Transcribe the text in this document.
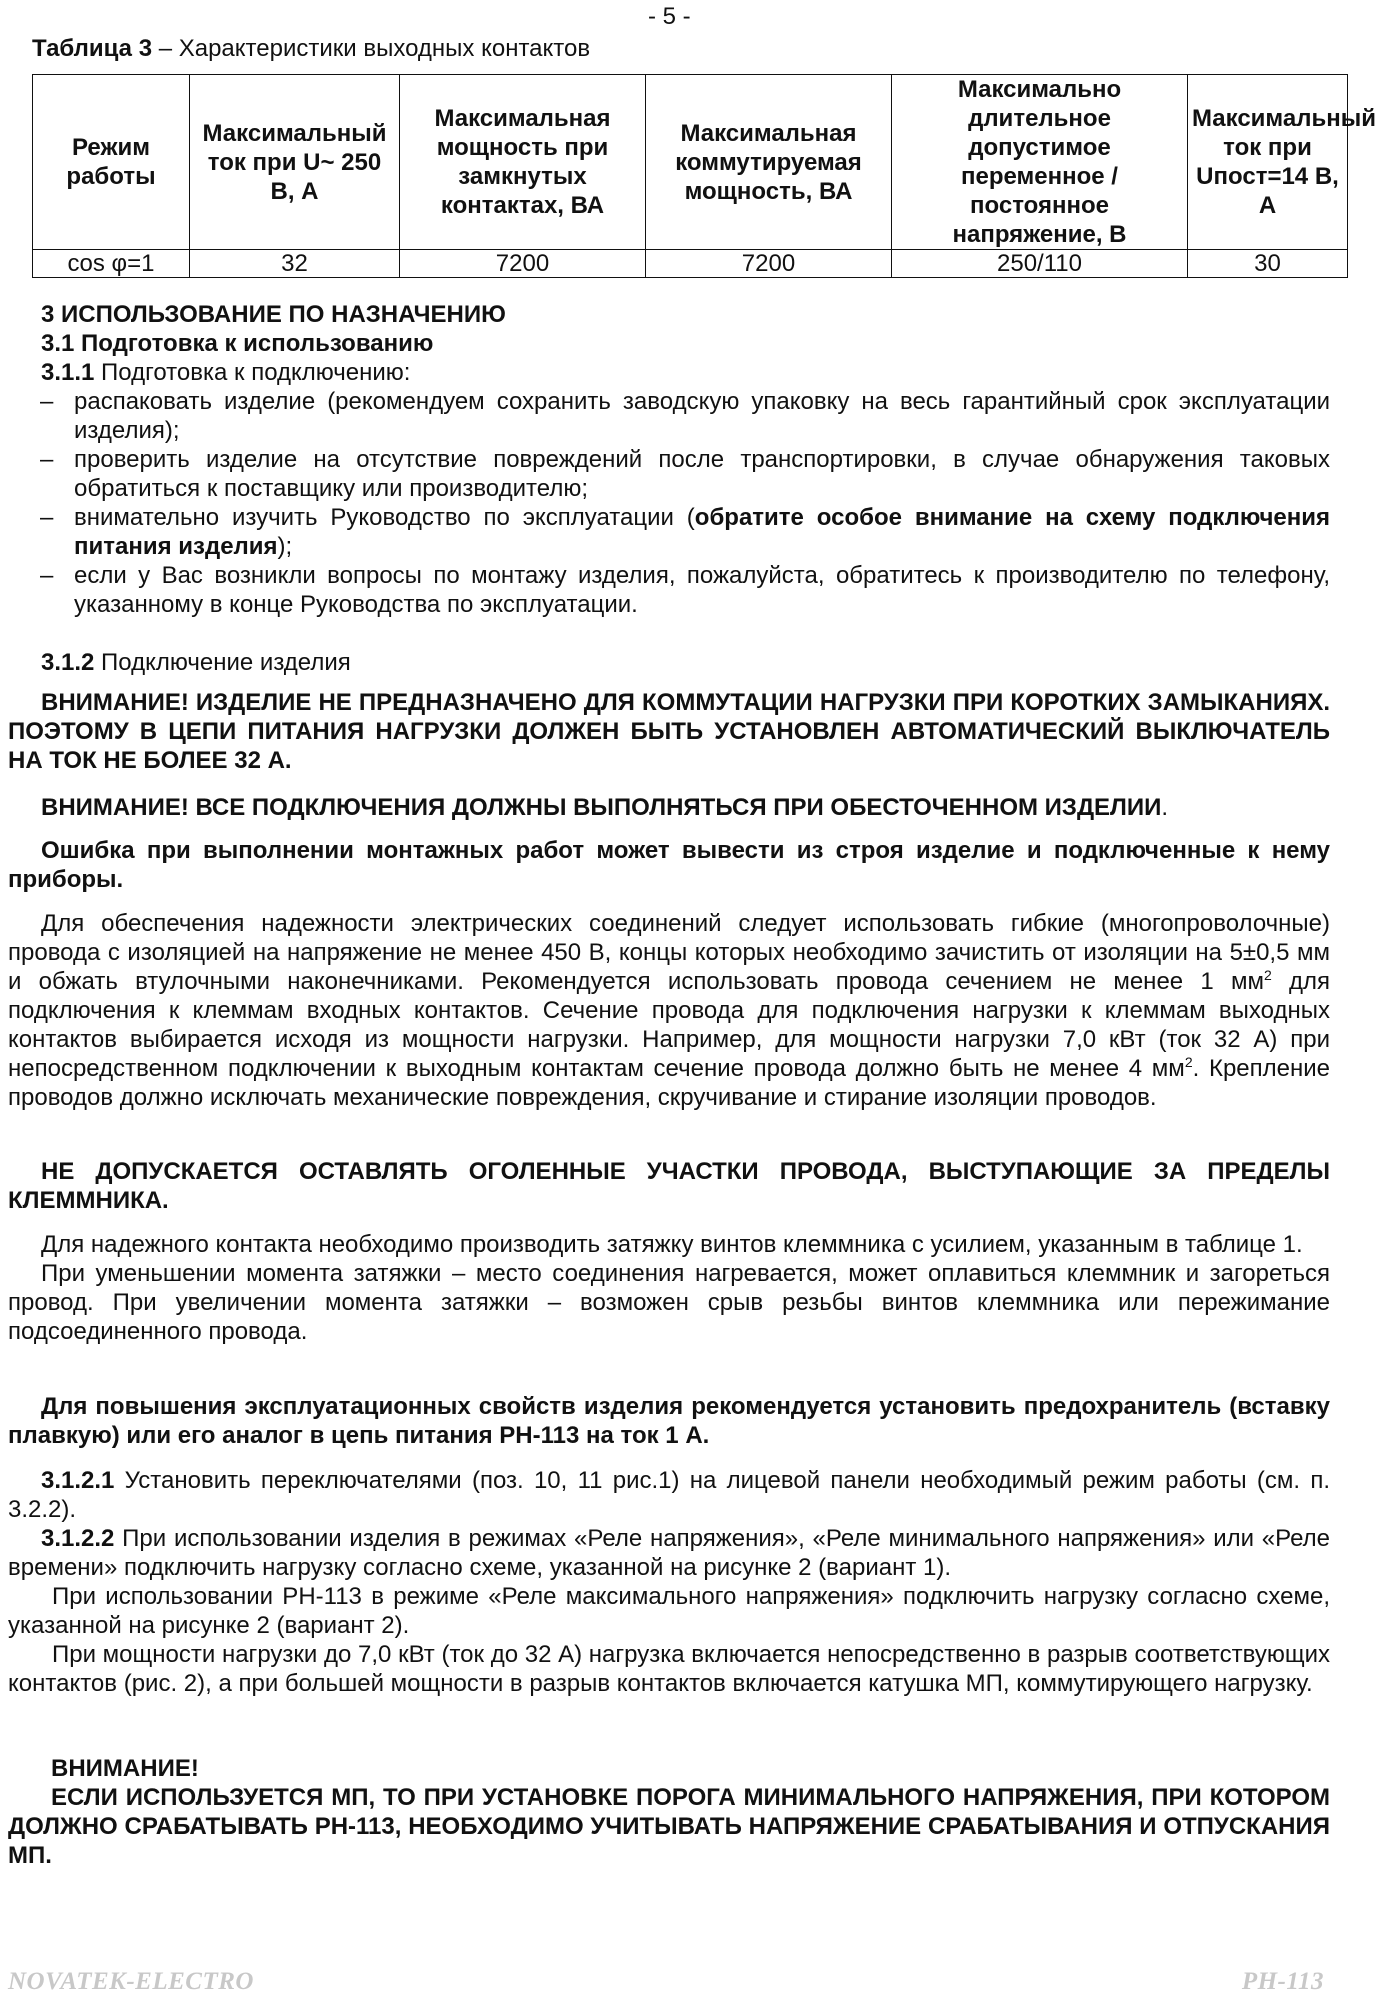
- 5 -
Таблица 3 – Характеристики выходных контактов
Режим работы	Максимальный ток при U~ 250 В, А	Максимальная мощность при замкнутых контактах, ВА	Максимальная коммутируемая мощность, ВА	Максимально длительное допустимое переменное / постоянное напряжение, В	Максимальный ток при Uпост=14 В, А
cos φ=1	32	7200	7200	250/110	30

3 ИСПОЛЬЗОВАНИЕ ПО НАЗНАЧЕНИЮ

3.1 Подготовка к использованию

3.1.1 Подготовка к подключению:

– распаковать изделие (рекомендуем сохранить заводскую упаковку на весь гарантийный срок эксплуатации изделия);
– проверить изделие на отсутствие повреждений после транспортировки, в случае обнаружения таковых обратиться к поставщику или производителю;
– внимательно изучить Руководство по эксплуатации (обратите особое внимание на схему подключения питания изделия);
– если у Вас возникли вопросы по монтажу изделия, пожалуйста, обратитесь к производителю по телефону, указанному в конце Руководства по эксплуатации.

3.1.2 Подключение изделия

ВНИМАНИЕ! ИЗДЕЛИЕ НЕ ПРЕДНАЗНАЧЕНО ДЛЯ КОММУТАЦИИ НАГРУЗКИ ПРИ КОРОТКИХ ЗАМЫКАНИЯХ. ПОЭТОМУ В ЦЕПИ ПИТАНИЯ НАГРУЗКИ ДОЛЖЕН БЫТЬ УСТАНОВЛЕН АВТОМАТИЧЕСКИЙ ВЫКЛЮЧАТЕЛЬ НА ТОК НЕ БОЛЕЕ 32 А.

ВНИМАНИЕ! ВСЕ ПОДКЛЮЧЕНИЯ ДОЛЖНЫ ВЫПОЛНЯТЬСЯ ПРИ ОБЕСТОЧЕННОМ ИЗДЕЛИИ.

Ошибка при выполнении монтажных работ может вывести из строя изделие и подключенные к нему приборы.

Для обеспечения надежности электрических соединений следует использовать гибкие (многопроволочные) провода с изоляцией на напряжение не менее 450 В, концы которых необходимо зачистить от изоляции на 5±0,5 мм и обжать втулочными наконечниками. Рекомендуется использовать провода сечением не менее 1 $мм^2$ для подключения к клеммам входных контактов. Сечение провода для подключения нагрузки к клеммам выходных контактов выбирается исходя из мощности нагрузки. Например, для мощности нагрузки 7,0 кВт (ток 32 А) при непосредственном подключении к выходным контактам сечение провода должно быть не менее 4 $мм^2$. Крепление проводов должно исключать механические повреждения, скручивание и стирание изоляции проводов.

НЕ ДОПУСКАЕТСЯ ОСТАВЛЯТЬ ОГОЛЕННЫЕ УЧАСТКИ ПРОВОДА, ВЫСТУПАЮЩИЕ ЗА ПРЕДЕЛЫ КЛЕММНИКА.

Для надежного контакта необходимо производить затяжку винтов клеммника с усилием, указанным в таблице 1.

При уменьшении момента затяжки – место соединения нагревается, может оплавиться клеммник и загореться провод. При увеличении момента затяжки – возможен срыв резьбы винтов клеммника или пережимание подсоединенного провода.

Для повышения эксплуатационных свойств изделия рекомендуется установить предохранитель (вставку плавкую) или его аналог в цепь питания РН-113 на ток 1 А.

3.1.2.1 Установить переключателями (поз. 10, 11 рис.1) на лицевой панели необходимый режим работы (см. п. 3.2.2).

3.1.2.2 При использовании изделия в режимах «Реле напряжения», «Реле минимального напряжения» или «Реле времени» подключить нагрузку согласно схеме, указанной на рисунке 2 (вариант 1).

При использовании РН-113 в режиме «Реле максимального напряжения» подключить нагрузку согласно схеме, указанной на рисунке 2 (вариант 2).

При мощности нагрузки до 7,0 кВт (ток до 32 А) нагрузка включается непосредственно в разрыв соответствующих контактов (рис. 2), а при большей мощности в разрыв контактов включается катушка МП, коммутирующего нагрузку.

ВНИМАНИЕ!

ЕСЛИ ИСПОЛЬЗУЕТСЯ МП, ТО ПРИ УСТАНОВКЕ ПОРОГА МИНИМАЛЬНОГО НАПРЯЖЕНИЯ, ПРИ КОТОРОМ ДОЛЖНО СРАБАТЫВАТЬ РН-113, НЕОБХОДИМО УЧИТЫВАТЬ НАПРЯЖЕНИЕ СРАБАТЫВАНИЯ И ОТПУСКАНИЯ МП.

NOVATEK-ELECTRO	РН-113
